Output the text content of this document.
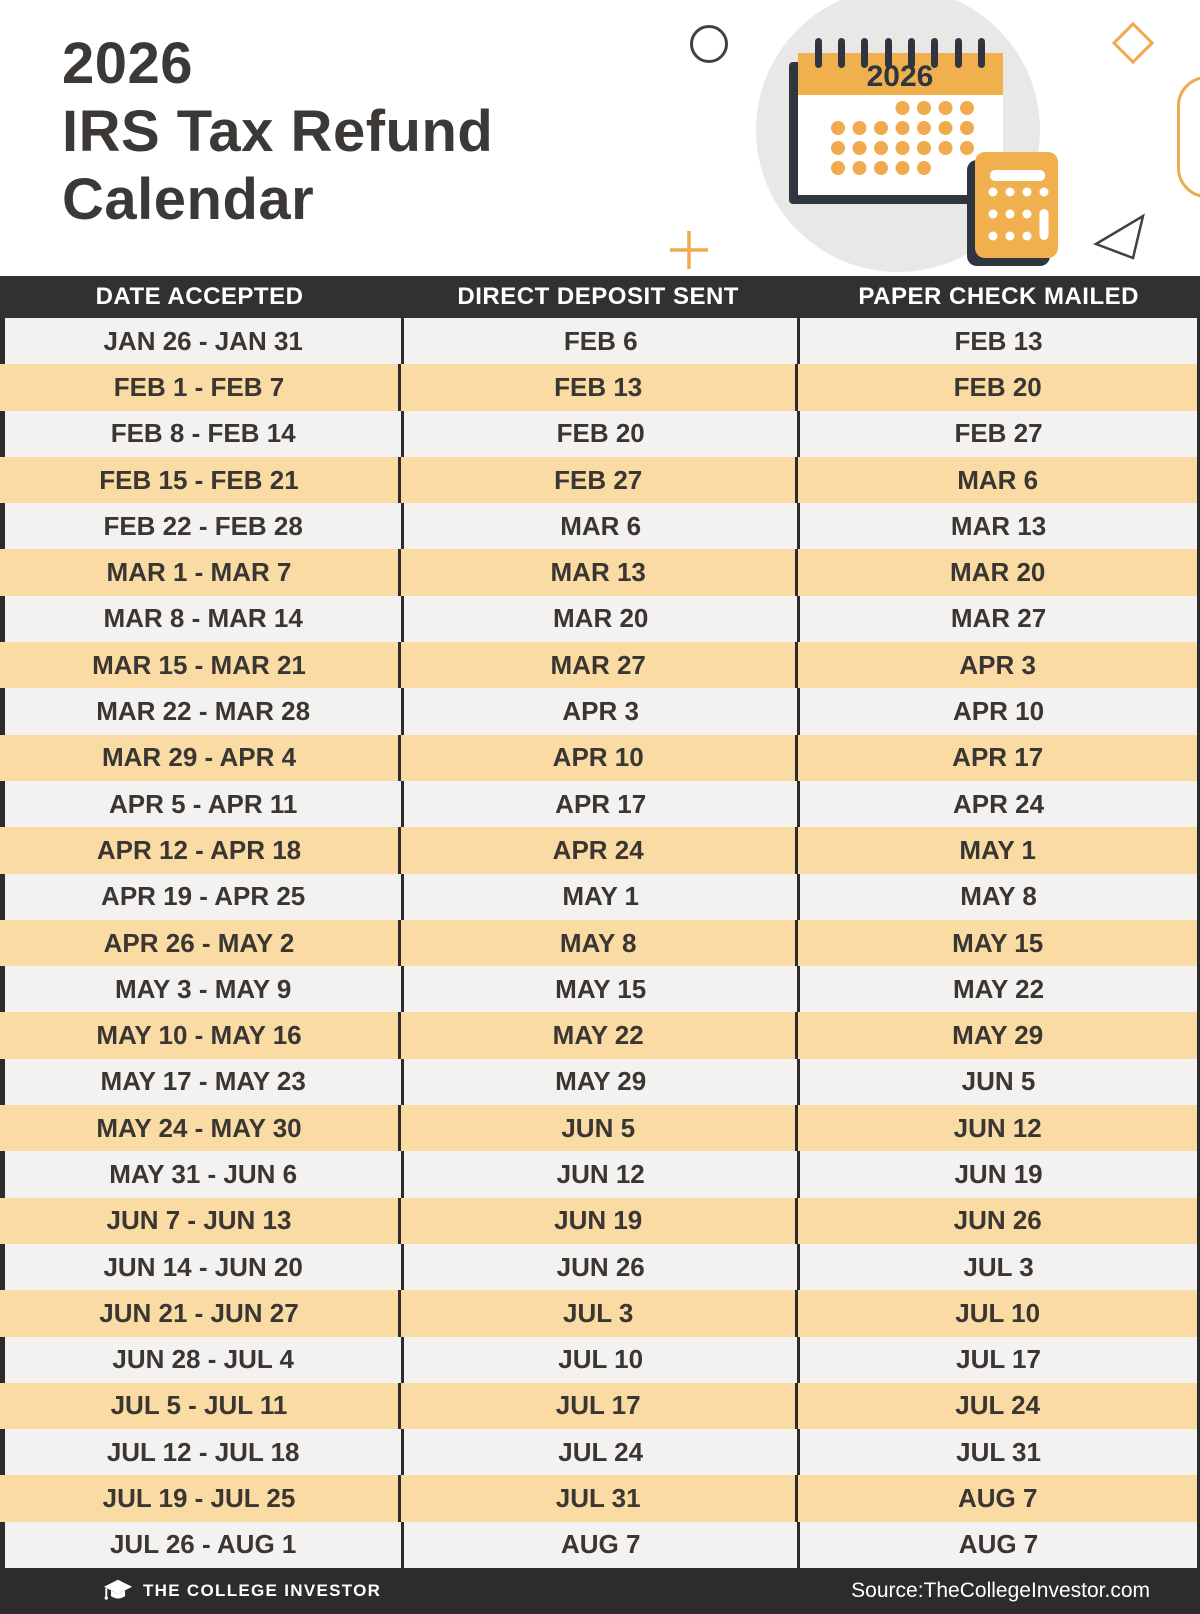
2026
IRS Tax Refund
Calendar
2026
DATE ACCEPTED	DIRECT DEPOSIT SENT	PAPER CHECK MAILED
JAN 26 - JAN 31	FEB 6	FEB 13
FEB 1 - FEB 7	FEB 13	FEB 20
FEB 8 - FEB 14	FEB 20	FEB 27
FEB 15 - FEB 21	FEB 27	MAR 6
FEB 22 - FEB 28	MAR 6	MAR 13
MAR 1 - MAR 7	MAR 13	MAR 20
MAR 8 - MAR 14	MAR 20	MAR 27
MAR 15 - MAR 21	MAR 27	APR 3
MAR 22 - MAR 28	APR 3	APR 10
MAR 29 - APR 4	APR 10	APR 17
APR 5 - APR 11	APR 17	APR 24
APR 12 - APR 18	APR 24	MAY 1
APR 19 - APR 25	MAY 1	MAY 8
APR 26 - MAY 2	MAY 8	MAY 15
MAY 3 - MAY 9	MAY 15	MAY 22
MAY 10 - MAY 16	MAY 22	MAY 29
MAY 17 - MAY 23	MAY 29	JUN 5
MAY 24 - MAY 30	JUN 5	JUN 12
MAY 31 - JUN 6	JUN 12	JUN 19
JUN 7 - JUN 13	JUN 19	JUN 26
JUN 14 - JUN 20	JUN 26	JUL 3
JUN 21 - JUN 27	JUL 3	JUL 10
JUN 28 - JUL 4	JUL 10	JUL 17
JUL 5 - JUL 11	JUL 17	JUL 24
JUL 12 - JUL 18	JUL 24	JUL 31
JUL 19 - JUL 25	JUL 31	AUG 7
JUL 26 - AUG 1	AUG 7	AUG 7
THE COLLEGE INVESTOR	Source:TheCollegeInvestor.com
